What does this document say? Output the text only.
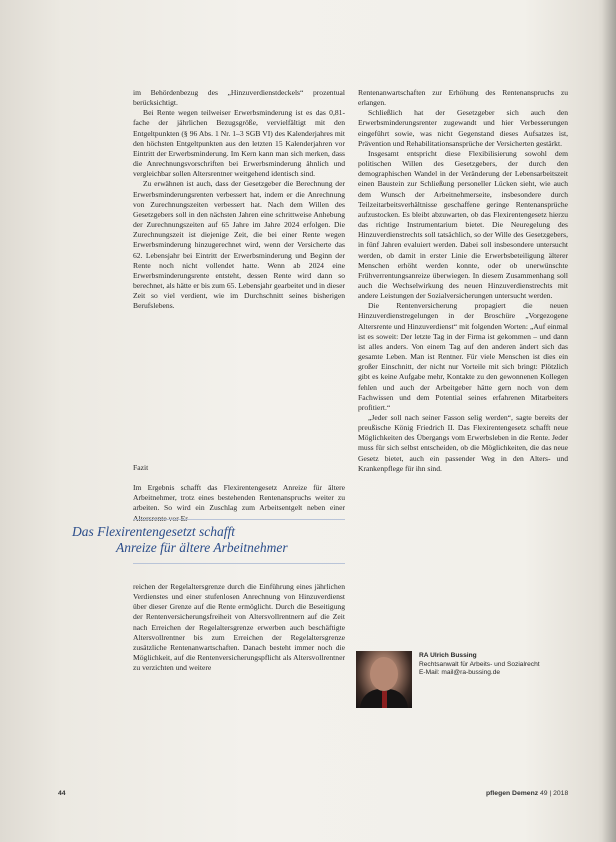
im Behördenbezug des „Hinzuverdienstdeckels“ prozentual berücksichtigt.

Bei Rente wegen teilweiser Erwerbsminderung ist es das 0,81-fache der jährlichen Bezugsgröße, vervielfältigt mit den Entgeltpunkten (§ 96 Abs. 1 Nr. 1–3 SGB VI) des Kalenderjahres mit den höchsten Entgeltpunkten aus den letzten 15 Kalenderjahren vor Eintritt der Erwerbsminderung. Im Kern kann man sich merken, dass die Anrechnungsvorschriften bei Erwerbsminderung ähnlich und vergleichbar sollen Altersrentner weitgehend identisch sind.

Zu erwähnen ist auch, dass der Gesetzgeber die Berechnung der Erwerbsminderungsrenten verbessert hat, indem er die Anrechnung von Zurechnungszeiten verbessert hat. Nach dem Willen des Gesetzgebers soll in den nächsten Jahren eine schrittweise Anhebung der Zurechnungszeiten auf 65 Jahre im Jahre 2024 erfolgen. Die Zurechnungszeit ist diejenige Zeit, die bei einer Rente wegen Erwerbsminderung hinzugerechnet wird, wenn der Versicherte das 62. Lebensjahr bei Eintritt der Erwerbsminderung und Beginn der Rente noch nicht vollendet hatte. Wenn ab 2024 eine Erwerbsminderungsrente entsteht, dessen Rente wird dann so berechnet, als hätte er bis zum 65. Lebensjahr gearbeitet und in dieser Zeit so viel verdient, wie im Durchschnitt seines bisherigen Berufslebens.

Fazit

Im Ergebnis schafft das Flexirentengesetz Anreize für ältere Arbeitnehmer, trotz eines bestehenden Rentenanspruchs weiter zu arbeiten. So wird ein Zuschlag zum Arbeitsentgelt neben einer

Das Flexirentengesetzt schafft
Anreize für ältere Arbeitnehmer

reichen der Regelaltersgrenze durch die Einführung eines jährlichen Verdienstes und einer stufenlosen Anrechnung von Hinzuverdienst über dieser Grenze auf die Rente ermöglicht. Durch die Beseitigung der Rentenversicherungsfreiheit von Altersvollrentnern auf die Zeit nach Erreichen der Regelaltersgrenze erwerben auch beschäftigte Altersvollrentner bis zum Erreichen der Regelaltersgrenze zusätzliche Rentenanwartschaften. Danach besteht immer noch die Möglichkeit, auf die Rentenversicherungspflicht als Altersvollrentner zu verzichten und weitere

Rentenanwartschaften zur Erhöhung des Rentenanspruchs zu erlangen.

Schließlich hat der Gesetzgeber sich auch den Erwerbsminderungsrenter zugewandt und hier Verbesserungen eingeführt sowie, was nicht Gegenstand dieses Aufsatzes ist, Prävention und Rehabilitationsansprüche der Versicherten gestärkt.

Insgesamt entspricht diese Flexibilisierung sowohl dem politischen Willen des Gesetzgebers, der durch den demographischen Wandel in der Veränderung der Lebensarbeitszeit einen Baustein zur Schließung personeller Lücken sieht, wie auch dem Wunsch der Arbeitnehmerseite, insbesondere durch Teilzeitarbeitsverhältnisse geschaffene geringe Rentenansprüche aufzustocken. Es bleibt abzuwarten, ob das Flexirentengesetz hierzu das richtige Instrumentarium bietet. Die Neuregelung des Hinzuverdienstrechts soll tatsächlich, so der Wille des Gesetzgebers, in fünf Jahren evaluiert werden. Dabei soll insbesondere untersucht werden, ob damit in erster Linie die Erwerbsbeteiligung älterer Menschen erhöht werden konnte, oder ob unerwünschte Frühverrentungsanreize überwiegen. In diesem Zusammenhang soll auch die Wechselwirkung des neuen Hinzuverdienstrechts mit andere Leistungen der Sozialversicherungen untersucht werden.

Die Rentenversicherung propagiert die neuen Hinzuverdienstregelungen in der Broschüre „Vorgezogene Altersrente und Hinzuverdienst“ mit folgenden Worten: „Auf einmal ist es soweit: Der letzte Tag in der Firma ist gekommen – und dann ist alles anders. Von einem Tag auf den anderen ändert sich das gesamte Leben. Man ist Rentner. Für viele Menschen ist dies ein großer Einschnitt, der nicht nur Vorteile mit sich bringt: Plötzlich gibt es keine Aufgabe mehr, Kontakte zu den gewonnenen Kollegen fehlen und auch der Arbeitgeber hätte gern noch von dem Fachwissen und dem Potential seines erfahrenen Mitarbeiters profitiert.“

„Jeder soll nach seiner Fasson selig werden“, sagte bereits der preußische König Friedrich II. Das Flexirentengesetz schafft neue Möglichkeiten des Übergangs vom Erwerbsleben in die Rente. Jeder muss für sich selbst entscheiden, ob die Möglichkeiten, die das neue Gesetz bietet, auch ein passender Weg in den Alters- und Krankenpflege für ihn sind.

RA Ulrich Bussing
Rechtsanwalt für Arbeits- und Sozialrecht
E-Mail: mail@ra-bussing.de
44	pflegen Demenz 49 | 2018
